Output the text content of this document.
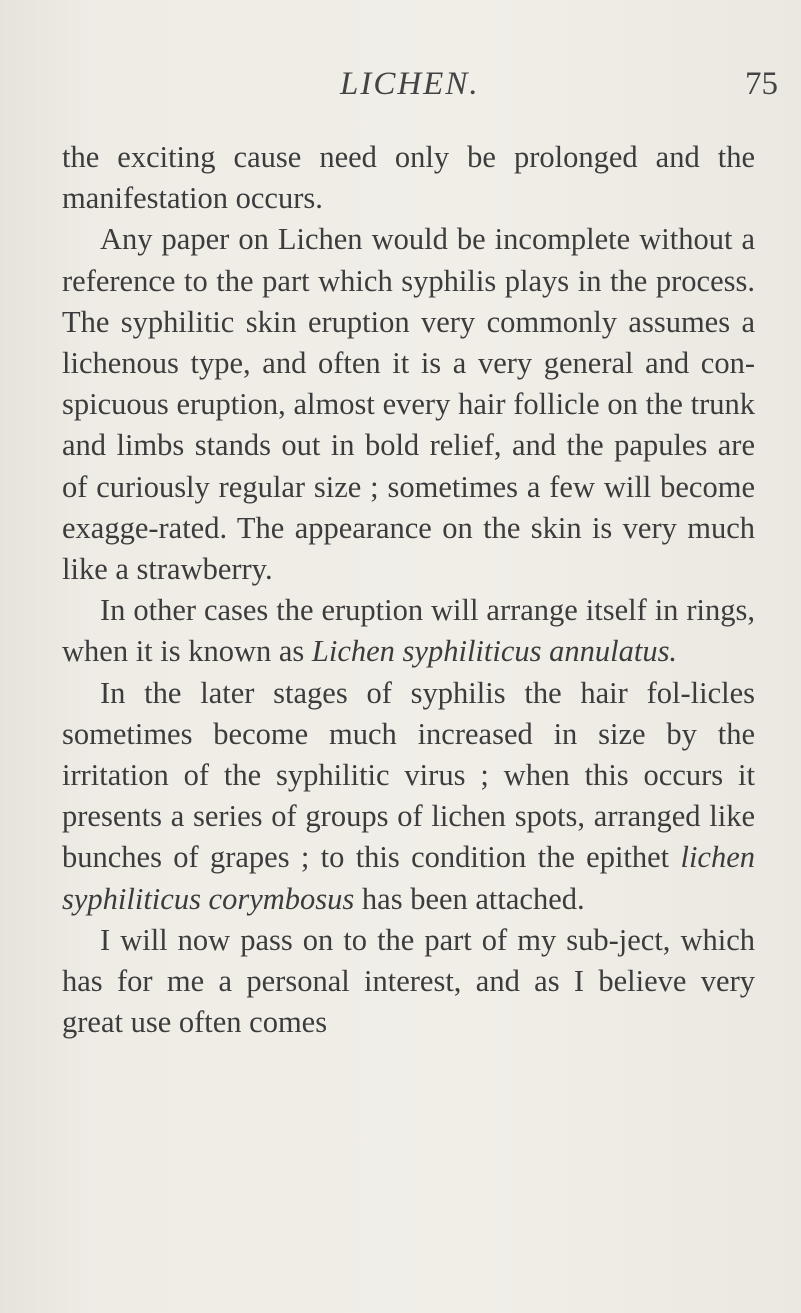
LICHEN.	75

the exciting cause need only be prolonged and the manifestation occurs.

Any paper on Lichen would be incomplete without a reference to the part which syphilis plays in the process. The syphilitic skin eruption very commonly assumes a lichenous type, and often it is a very general and con-spicuous eruption, almost every hair follicle on the trunk and limbs stands out in bold relief, and the papules are of curiously regular size ; sometimes a few will become exagge-rated. The appearance on the skin is very much like a strawberry.

In other cases the eruption will arrange itself in rings, when it is known as Lichen syphiliticus annulatus.

In the later stages of syphilis the hair fol-licles sometimes become much increased in size by the irritation of the syphilitic virus ; when this occurs it presents a series of groups of lichen spots, arranged like bunches of grapes ; to this condition the epithet lichen syphiliticus corymbosus has been attached.

I will now pass on to the part of my sub-ject, which has for me a personal interest, and as I believe very great use often comes
